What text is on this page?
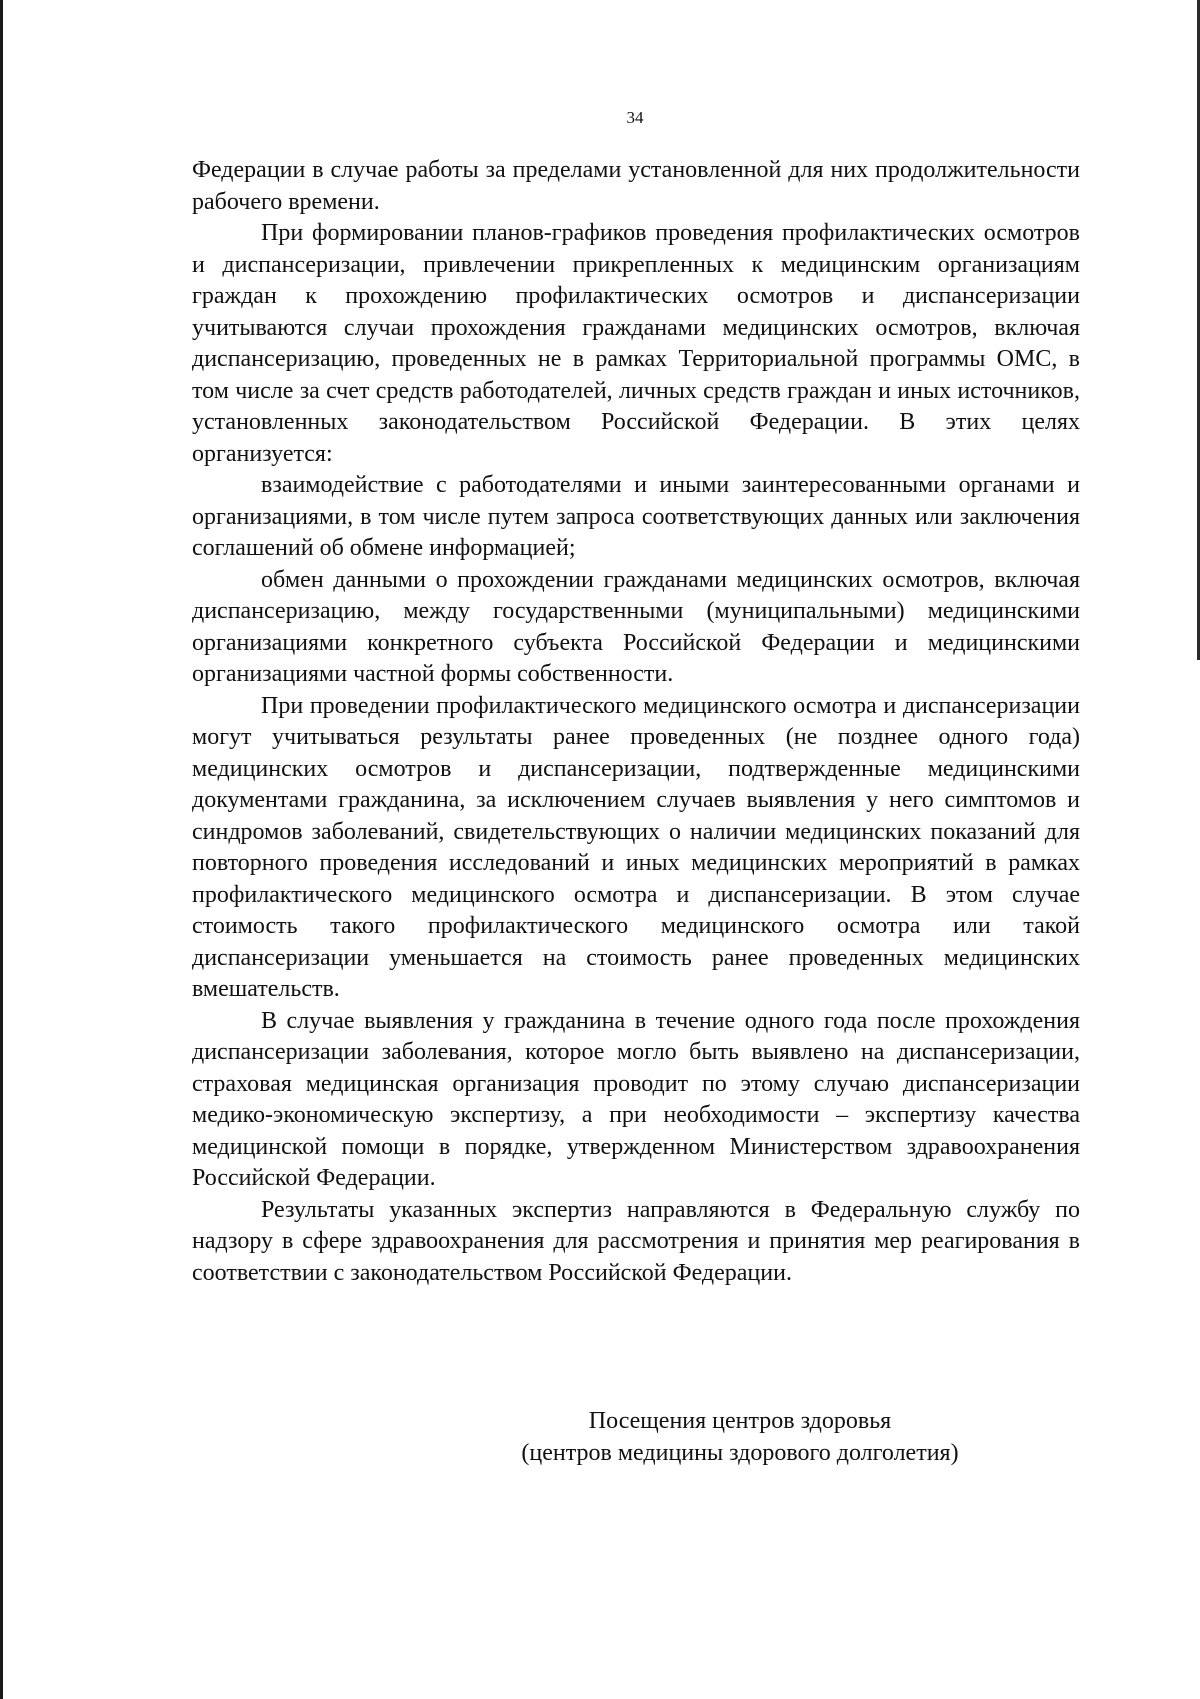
34

Федерации в случае работы за пределами установленной для них продолжительности рабочего времени.

При формировании планов-графиков проведения профилактических осмотров и диспансеризации, привлечении прикрепленных к медицинским организациям граждан к прохождению профилактических осмотров и диспансеризации учитываются случаи прохождения гражданами медицинских осмотров, включая диспансеризацию, проведенных не в рамках Территориальной программы ОМС, в том числе за счет средств работодателей, личных средств граждан и иных источников, установленных законодательством Российской Федерации. В этих целях организуется:

взаимодействие с работодателями и иными заинтересованными органами и организациями, в том числе путем запроса соответствующих данных или заключения соглашений об обмене информацией;

обмен данными о прохождении гражданами медицинских осмотров, включая диспансеризацию, между государственными (муниципальными) медицинскими организациями конкретного субъекта Российской Федерации и медицинскими организациями частной формы собственности.

При проведении профилактического медицинского осмотра и диспансеризации могут учитываться результаты ранее проведенных (не позднее одного года) медицинских осмотров и диспансеризации, подтвержденные медицинскими документами гражданина, за исключением случаев выявления у него симптомов и синдромов заболеваний, свидетельствующих о наличии медицинских показаний для повторного проведения исследований и иных медицинских мероприятий в рамках профилактического медицинского осмотра и диспансеризации. В этом случае стоимость такого профилактического медицинского осмотра или такой диспансеризации уменьшается на стоимость ранее проведенных медицинских вмешательств.

В случае выявления у гражданина в течение одного года после прохождения диспансеризации заболевания, которое могло быть выявлено на диспансеризации, страховая медицинская организация проводит по этому случаю диспансеризации медико-экономическую экспертизу, а при необходимости – экспертизу качества медицинской помощи в порядке, утвержденном Министерством здравоохранения Российской Федерации.

Результаты указанных экспертиз направляются в Федеральную службу по надзору в сфере здравоохранения для рассмотрения и принятия мер реагирования в соответствии с законодательством Российской Федерации.

Посещения центров здоровья
(центров медицины здорового долголетия)
